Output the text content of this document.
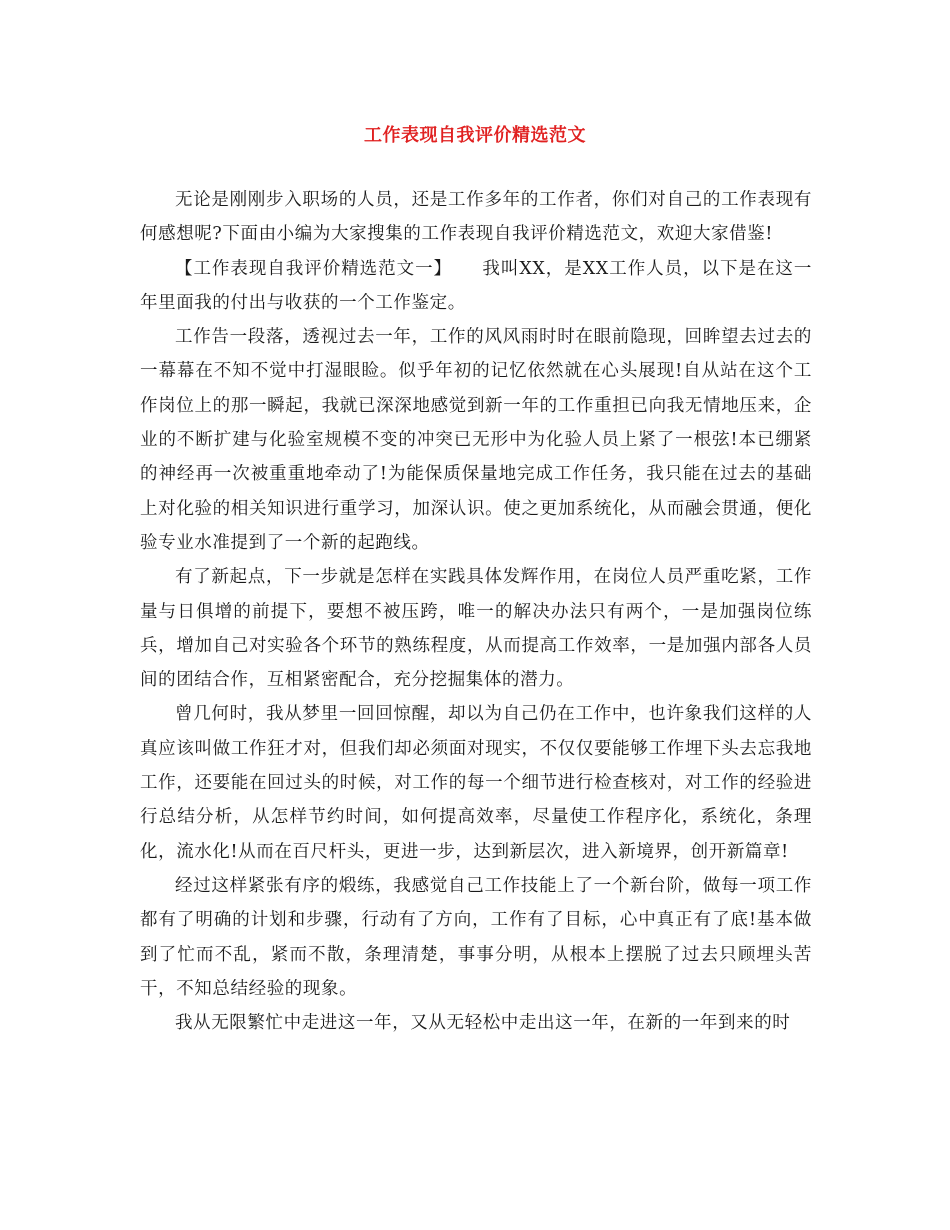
工作表现自我评价精选范文

无论是刚刚步入职场的人员，还是工作多年的工作者，你们对自己的工作表现有何感想呢?下面由小编为大家搜集的工作表现自我评价精选范文，欢迎大家借鉴!

【工作表现自我评价精选范文一】 我叫XX，是XX工作人员，以下是在这一年里面我的付出与收获的一个工作鉴定。

工作告一段落，透视过去一年，工作的风风雨时时在眼前隐现，回眸望去过去的一幕幕在不知不觉中打湿眼睑。似乎年初的记忆依然就在心头展现!自从站在这个工作岗位上的那一瞬起，我就已深深地感觉到新一年的工作重担已向我无情地压来，企业的不断扩建与化验室规模不变的冲突已无形中为化验人员上紧了一根弦!本已绷紧的神经再一次被重重地牵动了!为能保质保量地完成工作任务，我只能在过去的基础上对化验的相关知识进行重学习，加深认识。使之更加系统化，从而融会贯通，便化验专业水准提到了一个新的起跑线。

有了新起点，下一步就是怎样在实践具体发辉作用，在岗位人员严重吃紧，工作量与日俱增的前提下，要想不被压跨，唯一的解决办法只有两个，一是加强岗位练兵，增加自己对实验各个环节的熟练程度，从而提高工作效率，一是加强内部各人员间的团结合作，互相紧密配合，充分挖掘集体的潜力。

曾几何时，我从梦里一回回惊醒，却以为自己仍在工作中，也许象我们这样的人真应该叫做工作狂才对，但我们却必须面对现实，不仅仅要能够工作埋下头去忘我地工作，还要能在回过头的时候，对工作的每一个细节进行检查核对，对工作的经验进行总结分析，从怎样节约时间，如何提高效率，尽量使工作程序化，系统化，条理化，流水化!从而在百尺杆头，更进一步，达到新层次，进入新境界，创开新篇章!

经过这样紧张有序的煅练，我感觉自己工作技能上了一个新台阶，做每一项工作都有了明确的计划和步骤，行动有了方向，工作有了目标，心中真正有了底!基本做到了忙而不乱，紧而不散，条理清楚，事事分明，从根本上摆脱了过去只顾埋头苦干，不知总结经验的现象。

我从无限繁忙中走进这一年，又从无轻松中走出这一年，在新的一年到来的时
